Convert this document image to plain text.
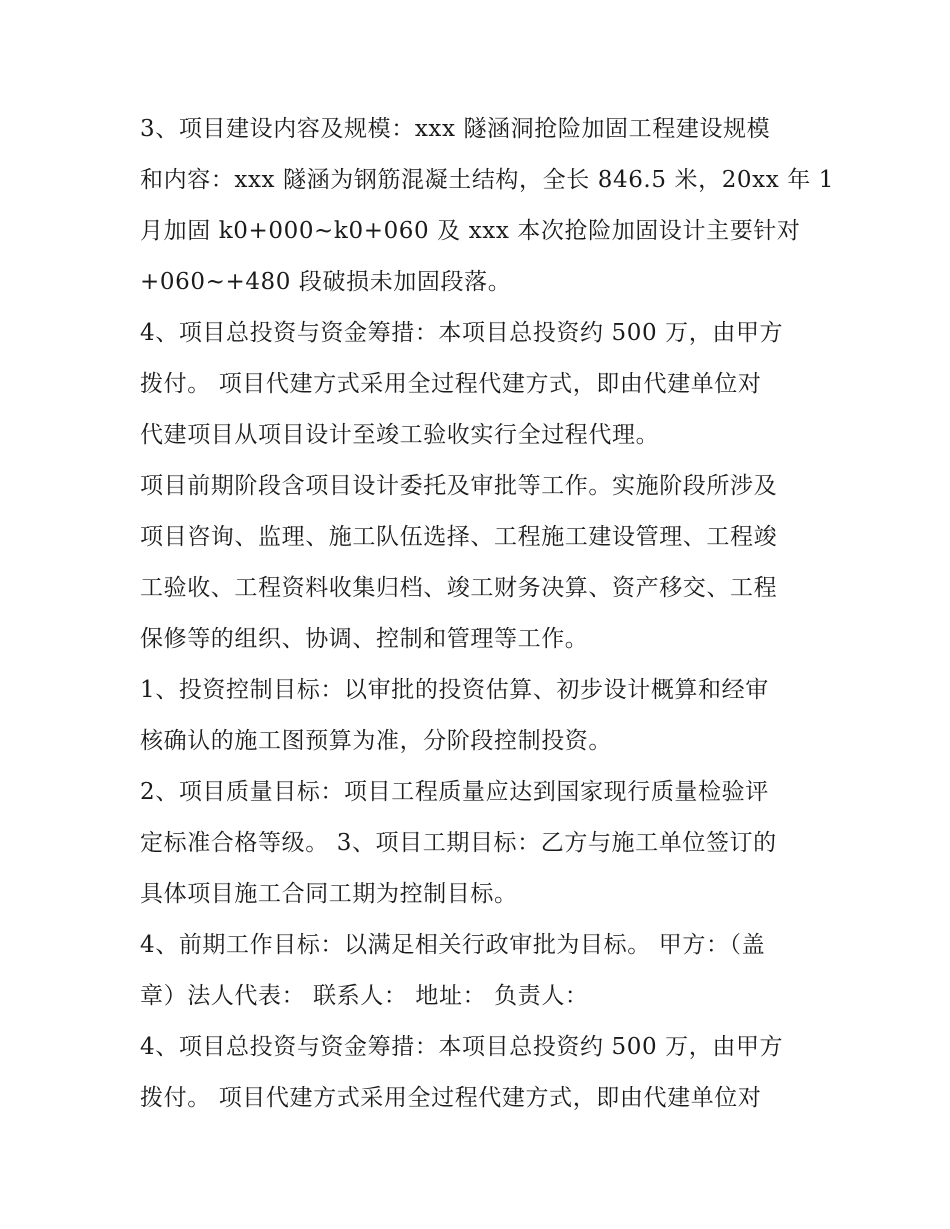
3、项目建设内容及规模：xxx 隧涵洞抢险加固工程建设规模
和内容：xxx 隧涵为钢筋混凝土结构，全长 846.5 米，20xx 年 1
月加固 k0+000~k0+060 及 xxx 本次抢险加固设计主要针对
+060~+480 段破损未加固段落。
4、项目总投资与资金筹措：本项目总投资约 500 万，由甲方
拨付。 项目代建方式采用全过程代建方式，即由代建单位对
代建项目从项目设计至竣工验收实行全过程代理。
项目前期阶段含项目设计委托及审批等工作。实施阶段所涉及
项目咨询、监理、施工队伍选择、工程施工建设管理、工程竣
工验收、工程资料收集归档、竣工财务决算、资产移交、工程
保修等的组织、协调、控制和管理等工作。
1、投资控制目标：以审批的投资估算、初步设计概算和经审
核确认的施工图预算为准，分阶段控制投资。
2、项目质量目标：项目工程质量应达到国家现行质量检验评
定标准合格等级。 3、项目工期目标：乙方与施工单位签订的
具体项目施工合同工期为控制目标。
4、前期工作目标：以满足相关行政审批为目标。 甲方：（盖
章）法人代表： 联系人： 地址： 负责人：
4、项目总投资与资金筹措：本项目总投资约 500 万，由甲方
拨付。 项目代建方式采用全过程代建方式，即由代建单位对
